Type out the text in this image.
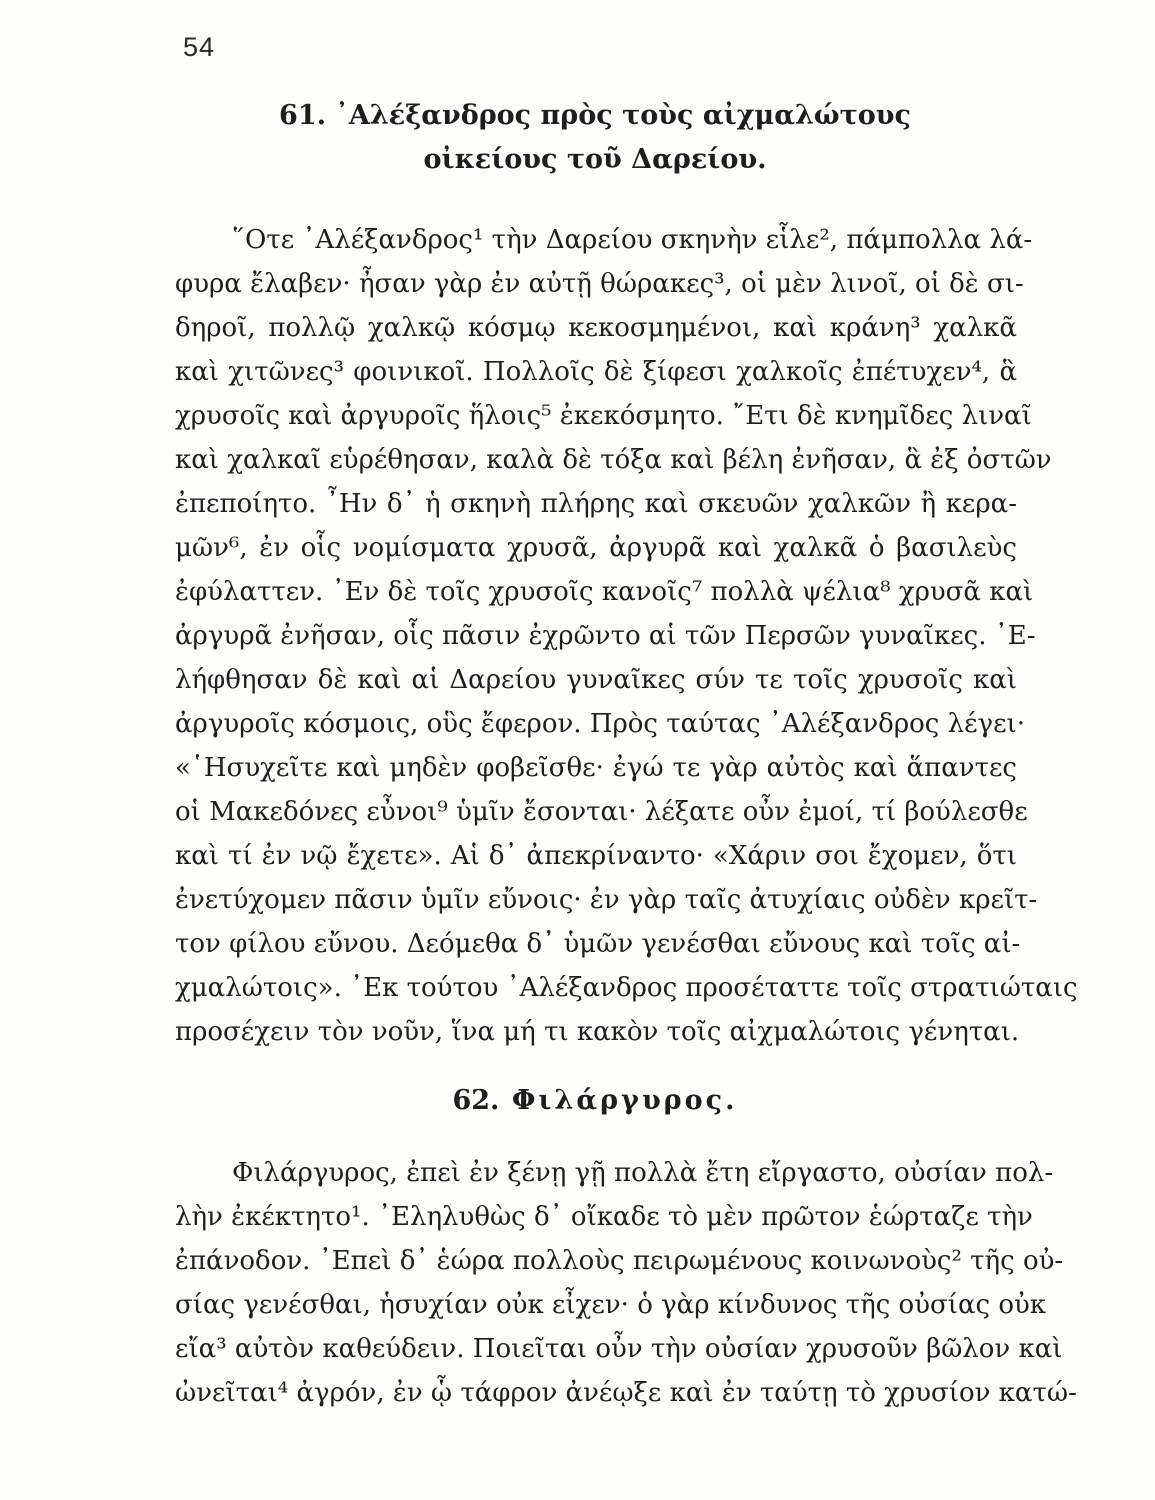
54
61. ᾿Αλέξανδρος πρὸς τοὺς αἰχμαλώτους
οἰκείους τοῦ Δαρείου.
῞Οτε ᾿Αλέξανδρος¹ τὴν Δαρείου σκηνὴν εἷλε², πάμπολλα λά-
φυρα ἔλαβεν· ἦσαν γὰρ ἐν αὐτῇ θώρακες³, οἱ μὲν λινοῖ, οἱ δὲ σι-
δηροῖ, πολλῷ χαλκῷ κόσμῳ κεκοσμημένοι, καὶ κράνη³ χαλκᾶ
καὶ χιτῶνες³ φοινικοῖ. Πολλοῖς δὲ ξίφεσι χαλκοῖς ἐπέτυχεν⁴, ἃ
χρυσοῖς καὶ ἀργυροῖς ἥλοις⁵ ἐκεκόσμητο. ῎Ετι δὲ κνημῖδες λιναῖ
καὶ χαλκαῖ εὑρέθησαν, καλὰ δὲ τόξα καὶ βέλη ἐνῆσαν, ἃ ἐξ ὀστῶν
ἐπεποίητο. ῏Ην δ᾿ ἡ σκηνὴ πλήρης καὶ σκευῶν χαλκῶν ἢ κερα-
μῶν⁶, ἐν οἷς νομίσματα χρυσᾶ, ἀργυρᾶ καὶ χαλκᾶ ὁ βασιλεὺς
ἐφύλαττεν. ᾿Εν δὲ τοῖς χρυσοῖς κανοῖς⁷ πολλὰ ψέλια⁸ χρυσᾶ καὶ
ἀργυρᾶ ἐνῆσαν, οἷς πᾶσιν ἐχρῶντο αἱ τῶν Περσῶν γυναῖκες. ᾿Ε-
λήφθησαν δὲ καὶ αἱ Δαρείου γυναῖκες σύν τε τοῖς χρυσοῖς καὶ
ἀργυροῖς κόσμοις, οὓς ἔφερον. Πρὸς ταύτας ᾿Αλέξανδρος λέγει·
«῾Ησυχεῖτε καὶ μηδὲν φοβεῖσθε· ἐγώ τε γὰρ αὐτὸς καὶ ἅπαντες
οἱ Μακεδόνες εὖνοι⁹ ὑμῖν ἔσονται· λέξατε οὖν ἐμοί, τί βούλεσθε
καὶ τί ἐν νῷ ἔχετε». Αἱ δ᾿ ἀπεκρίναντο· «Χάριν σοι ἔχομεν, ὅτι
ἐνετύχομεν πᾶσιν ὑμῖν εὔνοις· ἐν γὰρ ταῖς ἀτυχίαις οὐδὲν κρεῖτ-
τον φίλου εὔνου. Δεόμεθα δ᾿ ὑμῶν γενέσθαι εὔνους καὶ τοῖς αἰ-
χμαλώτοις». ᾿Εκ τούτου ᾿Αλέξανδρος προσέταττε τοῖς στρατιώταις
προσέχειν τὸν νοῦν, ἵνα μή τι κακὸν τοῖς αἰχμαλώτοις γένηται.
62. Φιλάργυρος.
Φιλάργυρος, ἐπεὶ ἐν ξένῃ γῇ πολλὰ ἔτη εἴργαστο, οὐσίαν πολ-
λὴν ἐκέκτητο¹. ᾿Εληλυθὼς δ᾿ οἴκαδε τὸ μὲν πρῶτον ἑώρταζε τὴν
ἐπάνοδον. ᾿Επεὶ δ᾿ ἑώρα πολλοὺς πειρωμένους κοινωνοὺς² τῆς οὐ-
σίας γενέσθαι, ἡσυχίαν οὐκ εἶχεν· ὁ γὰρ κίνδυνος τῆς οὐσίας οὐκ
εἴα³ αὐτὸν καθεύδειν. Ποιεῖται οὖν τὴν οὐσίαν χρυσοῦν βῶλον καὶ
ὠνεῖται⁴ ἀγρόν, ἐν ᾧ τάφρον ἀνέῳξε καὶ ἐν ταύτῃ τὸ χρυσίον κατώ-
